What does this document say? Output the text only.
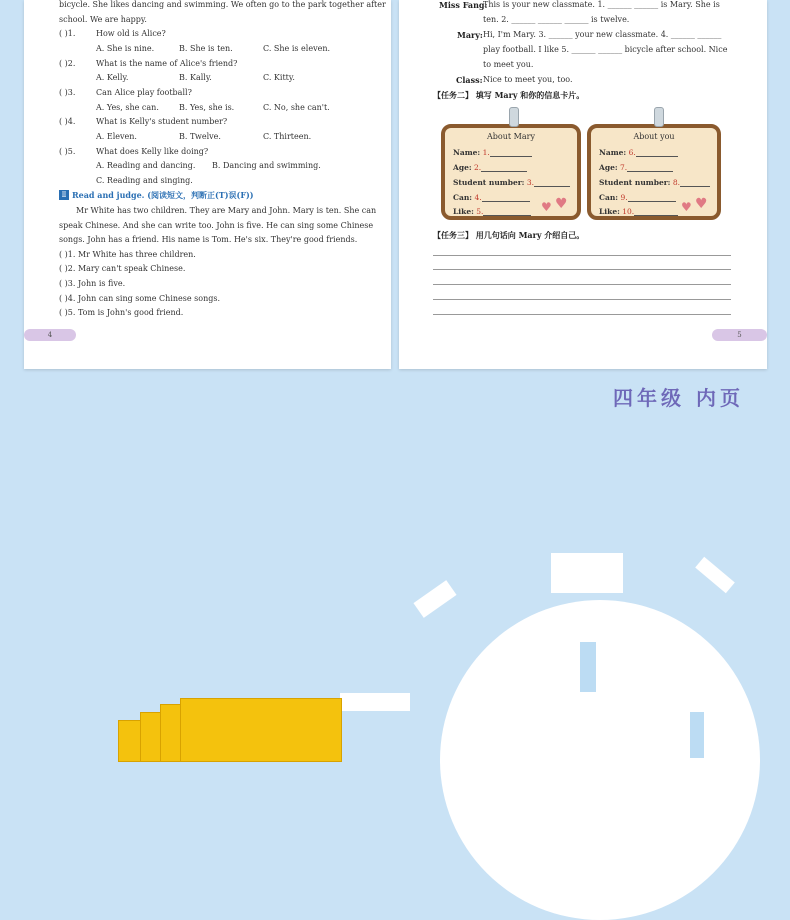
bicycle. She likes dancing and swimming. We often go to the park together after
school. We are happy.
( )1.	How old is Alice?
A. She is nine.	B. She is ten.	C. She is eleven.
( )2.	What is the name of Alice's friend?
A. Kelly.	B. Kally.	C. Kitty.
( )3.	Can Alice play football?
A. Yes, she can.	B. Yes, she is.	C. No, she can't.
( )4.	What is Kelly's student number?
A. Eleven.	B. Twelve.	C. Thirteen.
( )5.	What does Kelly like doing?
A. Reading and dancing. B. Dancing and swimming.
C. Reading and singing.
Ⅱ Read and judge. (阅读短文，判断正(T)误(F))
Mr White has two children. They are Mary and John. Mary is ten. She can
speak Chinese. And she can write too. John is five. He can sing some Chinese
songs. John has a friend. His name is Tom. He's six. They're good friends.
( )1. Mr White has three children.
( )2. Mary can't speak Chinese.
( )3. John is five.
( )4. John can sing some Chinese songs.
( )5. Tom is John's good friend.
4
Miss Fang:
This is your new classmate. 1. ______ ______ is Mary. She is
ten. 2. ______ ______ ______ is twelve.
Mary: Hi, I'm Mary. 3. ______ your new classmate. 4. ______ ______
play football. I like 5. ______ ______ bicycle after school. Nice
to meet you.
Class: Nice to meet you, too.
【任务二】 填写 Mary 和你的信息卡片。
About Mary
Name: 1.
Age: 2.
Student number: 3.
Can: 4.
Like: 5.	♥ ♥
About you
Name: 6.
Age: 7.
Student number: 8.
Can: 9.
Like: 10.	♥ ♥
【任务三】 用几句话向 Mary 介绍自己。
5
四年级 内页
